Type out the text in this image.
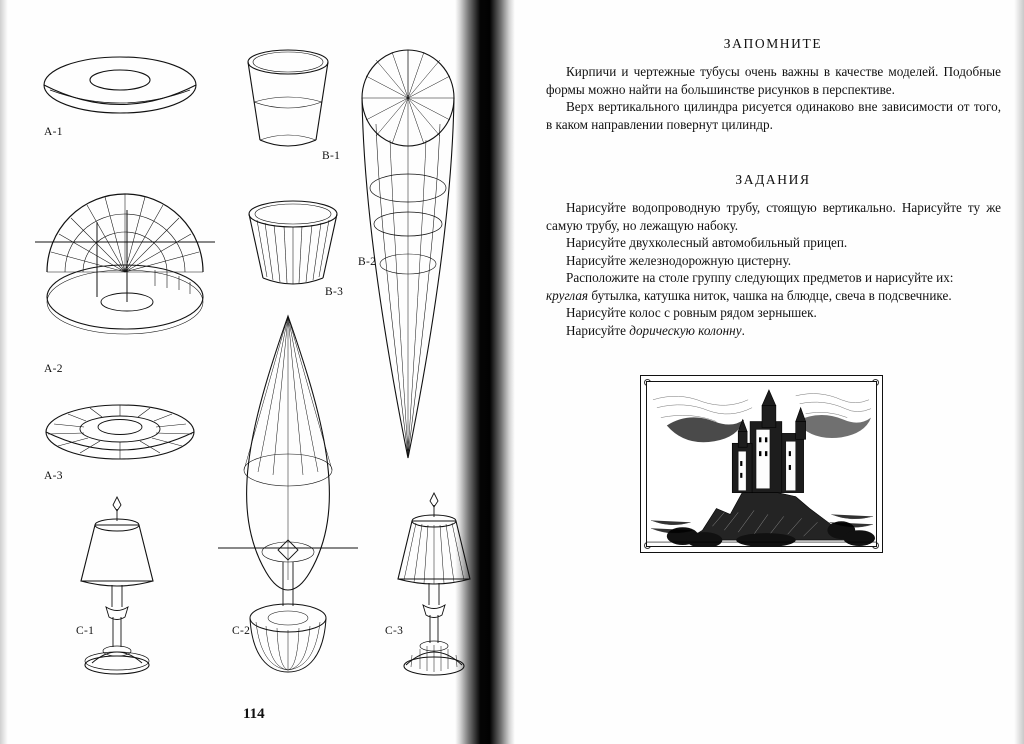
A-1
A-2
A-3
C-1
B-1
B-3
C-2
B-2
C-3
114
ЗАПОМНИТЕ

Кирпичи и чертежные тубусы очень важны в качестве моделей. Подобные формы можно найти на большинстве рисунков в перспективе.

Верх вертикального цилиндра рисуется одинаково вне зависимости от того, в каком направлении повернут цилиндр.

ЗАДАНИЯ

Нарисуйте водопроводную трубу, стоящую вертикально. Нарисуйте ту же самую трубу, но лежащую набоку.

Нарисуйте двухколесный автомобильный прицеп.

Нарисуйте железнодорожную цистерну.

Расположите на столе группу следующих предметов и нарисуйте их:

круглая бутылка, катушка ниток, чашка на блюдце, свеча в подсвечнике.

Нарисуйте колос с ровным рядом зернышек.

Нарисуйте дорическую колонну.
